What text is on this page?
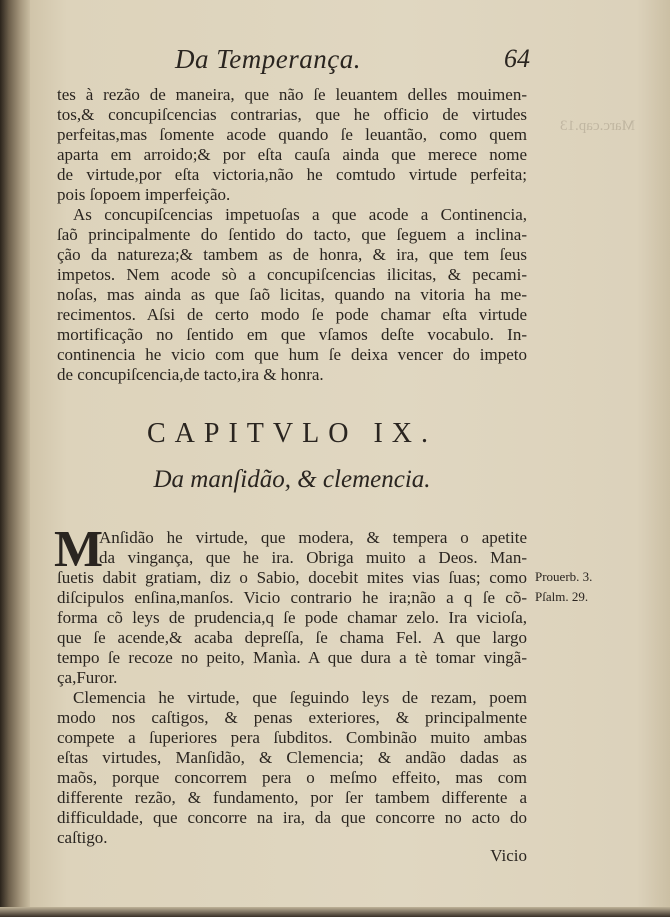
Marc.cap.13
Da Temperança.	64
tes à rezão de maneira, que não ſe leuantem delles mouimen-
tos,& concupiſcencias contrarias, que he officio de virtudes
perfeitas,mas ſomente acode quando ſe leuantão, como quem
aparta em arroido;& por eſta cauſa ainda que merece nome
de virtude,por eſta victoria,não he comtudo virtude perfeita;
pois ſopoem imperfeição.
As concupiſcencias impetuoſas a que acode a Continencia,
ſaõ principalmente do ſentido do tacto, que ſeguem a inclina-
ção da natureza;& tambem as de honra, & ira, que tem ſeus
impetos. Nem acode sò a concupiſcencias ilicitas, & pecami-
noſas, mas ainda as que ſaõ licitas, quando na vitoria ha me-
recimentos. Aſsi de certo modo ſe pode chamar eſta virtude
mortificação no ſentido em que vſamos deſte vocabulo. In-
continencia he vicio com que hum ſe deixa vencer do impeto
de concupiſcencia,de tacto,ira & honra.
CAPITVLO IX.
Da manſidão, & clemencia.
M
Anſidão he virtude, que modera, & tempera o apetite
da vingança, que he ira. Obriga muito a Deos. Man-
ſuetis dabit gratiam, diz o Sabio, docebit mites vias ſuas; como
diſcipulos enſina,manſos. Vicio contrario he ira;não a q ſe cõ-
forma cõ leys de prudencia,q ſe pode chamar zelo. Ira vicioſa,
que ſe acende,& acaba depreſſa, ſe chama Fel. A que largo
tempo ſe recoze no peito, Manìa. A que dura a tè tomar vingã-
ça,Furor.
Clemencia he virtude, que ſeguindo leys de rezam, poem
modo nos caſtigos, & penas exteriores, & principalmente
compete a ſuperiores pera ſubditos. Combinão muito ambas
eſtas virtudes, Manſidão, & Clemencia; & andão dadas as
maõs, porque concorrem pera o meſmo effeito, mas com
differente rezão, & fundamento, por ſer tambem differente a
difficuldade, que concorre na ira, da que concorre no acto do
caſtigo.
Prouerb. 3.
Pſalm. 29.
Vicio
